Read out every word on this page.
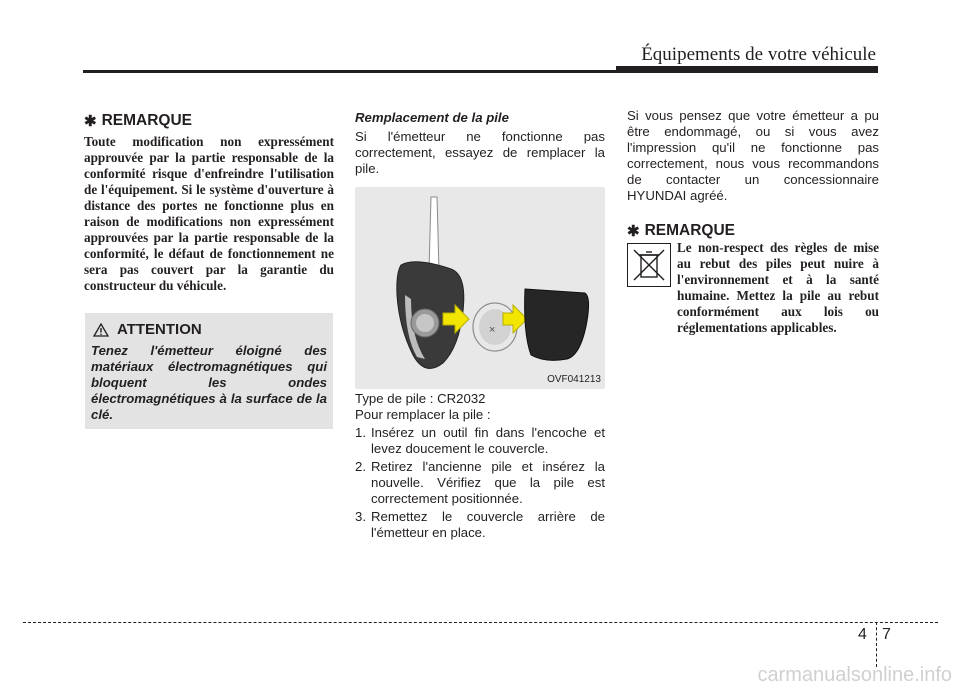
Équipements de votre véhicule
✱ REMARQUE
Toute modification non expressément approuvée par la partie responsable de la conformité risque d'enfreindre l'utilisation de l'équipement. Si le système d'ouverture à distance des portes ne fonctionne plus en raison de modifications non expressément approuvées par la partie responsable de la conformité, le défaut de fonctionnement ne sera pas couvert par la garantie du constructeur du véhicule.
ATTENTION
Tenez l'émetteur éloigné des matériaux électromagnétiques qui bloquent les ondes électromagnétiques à la surface de la clé.
Remplacement de la pile
Si l'émetteur ne fonctionne pas correctement, essayez de remplacer la pile.
×
OVF041213

Type de pile : CR2032

Pour remplacer la pile :

1. Insérez un outil fin dans l'encoche et levez doucement le couvercle.
2. Retirez l'ancienne pile et insérez la nouvelle. Vérifiez que la pile est correctement positionnée.
3. Remettez le couvercle arrière de l'émetteur en place.
Si vous pensez que votre émetteur a pu être endommagé, ou si vous avez l'impression qu'il ne fonctionne pas correctement, nous vous recommandons de contacter un concessionnaire HYUNDAI agréé.
✱ REMARQUE
Le non-respect des règles de mise au rebut des piles peut nuire à l'environnement et à la santé humaine. Mettez la pile au rebut conformément aux lois ou réglementations applicables.
4 7
carmanualsonline.info
